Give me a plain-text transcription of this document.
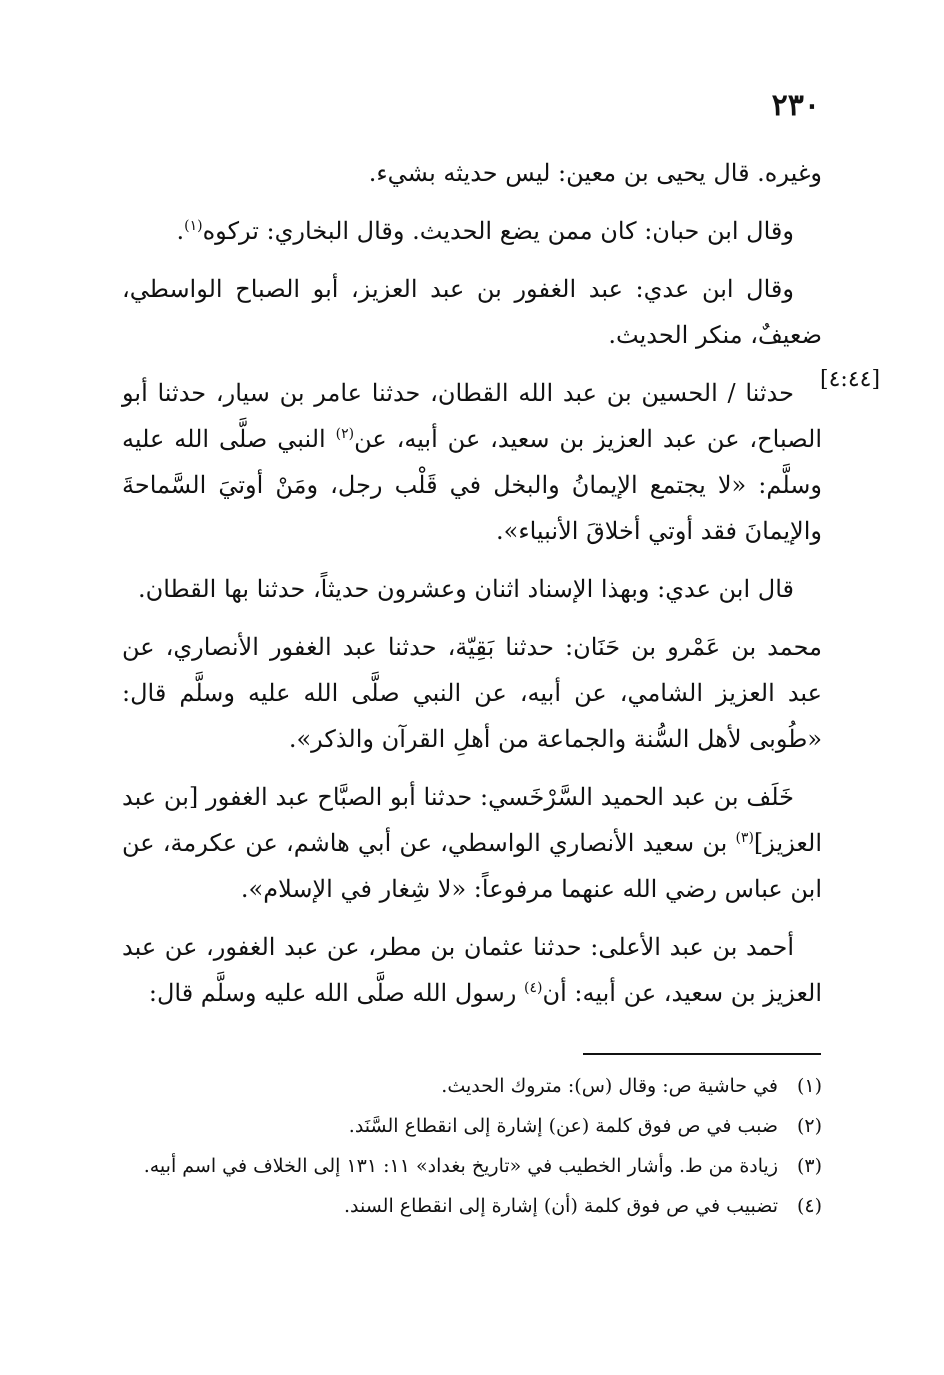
٢٣٠
[٤:٤٤]

وغيره. قال يحيى بن معين: ليس حديثه بشيء.

وقال ابن حبان: كان ممن يضع الحديث. وقال البخاري: تركوه$^{(١)}$.

وقال ابن عدي: عبد الغفور بن عبد العزيز، أبو الصباح الواسطي، ضعيفٌ، منكر الحديث.

حدثنا / الحسين بن عبد الله القطان، حدثنا عامر بن سيار، حدثنا أبو الصباح، عن عبد العزيز بن سعيد، عن أبيه، عن$^{(٢)}$ النبي صلَّى الله عليه وسلَّم: «لا يجتمع الإيمانُ والبخل في قَلْب رجل، ومَنْ أوتيَ السَّماحةَ والإيمانَ فقد أوتي أخلاقَ الأنبياء».

قال ابن عدي: وبهذا الإسناد اثنان وعشرون حديثاً، حدثنا بها القطان.

محمد بن عَمْرو بن حَنَان: حدثنا بَقِيّة، حدثنا عبد الغفور الأنصاري، عن عبد العزيز الشامي، عن أبيه، عن النبي صلَّى الله عليه وسلَّم قال: «طُوبى لأهل السُّنة والجماعة من أهلِ القرآن والذكر».

خَلَف بن عبد الحميد السَّرْخَسي: حدثنا أبو الصبَّاح عبد الغفور [بن عبد العزيز]$^{(٣)}$ بن سعيد الأنصاري الواسطي، عن أبي هاشم، عن عكرمة، عن ابن عباس رضي الله عنهما مرفوعاً: «لا شِغار في الإسلام».

أحمد بن عبد الأعلى: حدثنا عثمان بن مطر، عن عبد الغفور، عن عبد العزيز بن سعيد، عن أبيه: أن$^{(٤)}$ رسول الله صلَّى الله عليه وسلَّم قال:

(١)
في حاشية ص: وقال (س): متروك الحديث.
(٢)
ضبب في ص فوق كلمة (عن) إشارة إلى انقطاع السَّنَد.
(٣)
زيادة من ط. وأشار الخطيب في «تاريخ بغداد» ١١: ١٣١ إلى الخلاف في اسم أبيه.
(٤)
تضبيب في ص فوق كلمة (أن) إشارة إلى انقطاع السند.
